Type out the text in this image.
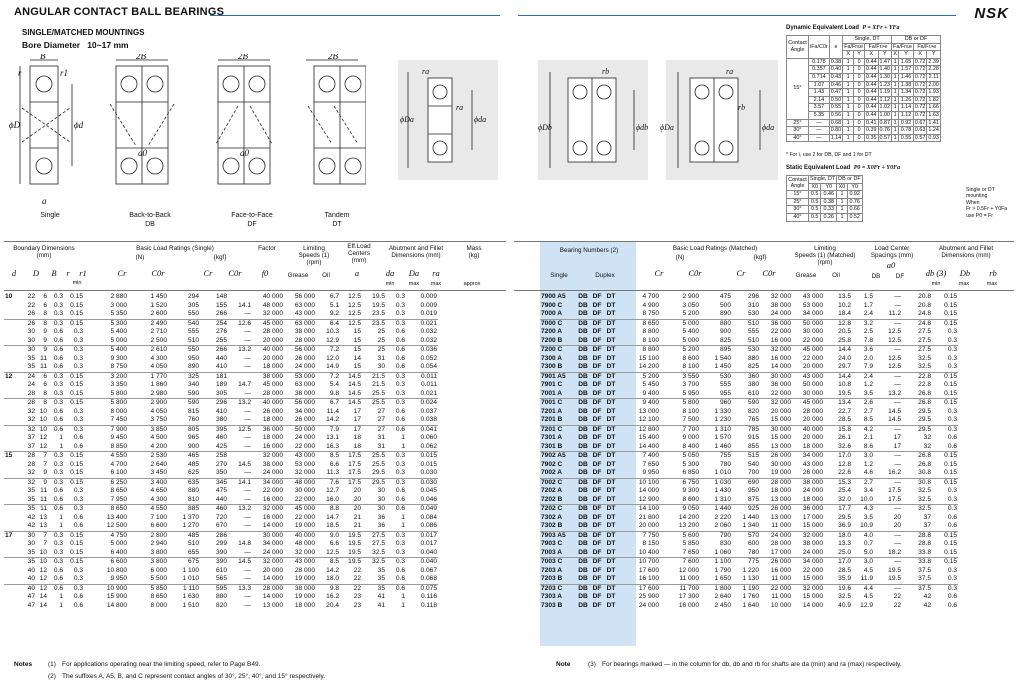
ANGULAR CONTACT BALL BEARINGS
SINGLE/MATCHED MOUNTINGS
Bore Diameter 10~17 mm
B	2B	2B	2B
ϕD	ϕd
r	r1
a
a0	a0
Single	Back-to-Back
DB
Face-to-Face
DF
Tandem
DT
ϕDa	ϕda
ra
ra
Boundary Dimensions
(mm)
Basic Load Ratings (Single)
(N)	{kgf}
Factor	Limiting
Speeds (1)
(rpm)
Eff.Load
Centers
(mm)
Abutment and Fillet
Dimensions (mm)
Mass
(kg)
d	D	B	r	r1
min
Cr	C0r	Cr	C0r	f0	Grease	Oil	a	da	Da	ra
min	max	max	approx
10	22	6	0.3	0.15	2 880	1 450	294	148		40 000	56 000	6.7	12.5	19.5	0.3	0.009
	22	6	0.3	0.15	3 000	1 520	305	155	14.1	48 000	63 000	5.1	12.5	19.5	0.3	0.009
	26	8	0.3	0.15	5 350	2 600	550	266	—	32 000	43 000	9.2	12.5	23.5	0.3	0.019
	26	8	0.3	0.15	5 300	2 490	540	254	12.6	45 000	63 000	6.4	12.5	23.5	0.3	0.021
	30	9	0.6	0.3	5 400	2 710	555	276	—	28 000	38 000	10.3	15	25	0.6	0.032
	30	9	0.6	0.3	5 000	2 500	510	255	—	20 000	28 000	12.9	15	25	0.6	0.032
	30	9	0.6	0.3	5 400	2 610	550	266	13.2	40 000	56 000	7.2	15	25	0.6	0.036
	35	11	0.6	0.3	9 300	4 300	950	440	—	20 000	26 000	12.0	14	31	0.6	0.052
	35	11	0.6	0.3	8 750	4 050	890	410	—	18 000	24 000	14.9	15	30	0.6	0.054
12	24	6	0.3	0.15	3 200	1 770	325	181		38 000	53 000	7.2	14.5	21.5	0.3	0.011
	24	6	0.3	0.15	3 350	1 860	340	189	14.7	45 000	63 000	5.4	14.5	21.5	0.3	0.011
	28	8	0.3	0.15	5 800	2 980	590	305	—	28 000	38 000	9.8	14.5	25.5	0.3	0.021
	28	8	0.3	0.15	5 800	2 900	590	296	13.2	40 000	56 000	6.7	14.5	25.5	0.3	0.024
	32	10	0.6	0.3	8 000	4 050	815	410	—	26 000	34 000	11.4	17	27	0.6	0.037
	32	10	0.6	0.3	7 450	3 750	760	380	—	18 000	26 000	14.2	17	27	0.6	0.038
	32	10	0.6	0.3	7 900	3 850	805	395	12.5	36 000	50 000	7.9	17	27	0.6	0.041
	37	12	1	0.6	9 450	4 500	965	460	—	18 000	24 000	13.1	18	31	1	0.060
	37	12	1	0.6	8 850	4 200	900	425	—	16 000	22 000	16.3	18	31	1	0.062
15	28	7	0.3	0.15	4 550	2 530	465	258		32 000	43 000	8.5	17.5	25.5	0.3	0.015
	28	7	0.3	0.15	4 700	2 640	485	270	14.5	38 000	53 000	6.6	17.5	25.5	0.3	0.015
	32	9	0.3	0.15	6 100	3 450	625	350	—	24 000	32 000	11.3	17.5	29.5	0.3	0.030
	32	9	0.3	0.15	6 250	3 400	635	345	14.1	34 000	48 000	7.6	17.5	29.5	0.3	0.030
	35	11	0.6	0.3	8 650	4 650	880	475	—	22 000	30 000	12.7	20	30	0.6	0.045
	35	11	0.6	0.3	7 950	4 300	810	440	—	16 000	22 000	16.0	20	30	0.6	0.046
	35	11	0.6	0.3	8 650	4 550	885	460	13.2	32 000	45 000	8.8	20	30	0.6	0.049
	42	13	1	0.6	13 400	7 100	1 370	720	—	16 000	22 000	14.7	21	36	1	0.084
	42	13	1	0.6	12 500	6 600	1 270	670	—	14 000	19 000	18.5	21	36	1	0.086
17	30	7	0.3	0.15	4 750	2 800	485	286		30 000	40 000	9.0	19.5	27.5	0.3	0.017
	30	7	0.3	0.15	5 000	2 940	510	299	14.8	34 000	48 000	6.6	19.5	27.5	0.3	0.017
	35	10	0.3	0.15	6 400	3 800	655	390	—	24 000	32 000	12.5	19.5	32.5	0.3	0.040
	35	10	0.3	0.15	6 600	3 800	675	390	14.5	32 000	43 000	8.5	19.5	32.5	0.3	0.040
	40	12	0.6	0.3	10 800	6 000	1 100	610	—	20 000	28 000	14.2	22	35	0.6	0.067
	40	12	0.6	0.3	9 950	5 500	1 010	565	—	14 000	19 000	18.0	22	35	0.6	0.068
	40	12	0.6	0.3	10 900	5 850	1 110	595	13.3	28 000	38 000	9.8	22	35	0.6	0.075
	47	14	1	0.6	15 900	8 650	1 630	880	—	14 000	19 000	16.2	23	41	1	0.116
	47	14	1	0.6	14 800	8 000	1 510	820	—	13 000	18 000	20.4	23	41	1	0.118
Notes (1) For applications operating near the limiting speed, refer to Page B49.
(2) The suffixes A, A5, B, and C represent contact angles of 30°, 25°, 40°, and 15° respectively.
NSK
ϕDb	ϕdb
rb
ϕDa	ϕda
ra
rb
Dynamic Equivalent Load P = XFr + YFa
Contact Angle	iFa/C0r	e	Single, DT				DB or DF			
			Fa/Fr≤e		Fa/Fr>e		Fa/Fr≤e		Fa/Fr>e	
			X	Y	X	Y	X	Y	X	Y
15°	0.178	0.38	1	0	0.44	1.47	1	1.65	0.72	2.39
	0.357	0.40	1	0	0.44	1.40	1	1.57	0.72	2.28
	0.714	0.43	1	0	0.44	1.30	1	1.46	0.72	2.11
	1.07	0.46	1	0	0.44	1.23	1	1.38	0.72	2.00
	1.43	0.47	1	0	0.44	1.19	1	1.34	0.72	1.93
	2.14	0.50	1	0	0.44	1.12	1	1.26	0.72	1.82
	3.57	0.55	1	0	0.44	1.02	1	1.14	0.72	1.66
	5.35	0.56	1	0	0.44	1.00	1	1.12	0.72	1.63
25°	—	0.68	1	0	0.41	0.87	1	0.92	0.67	1.41
30°	—	0.80	1	0	0.39	0.76	1	0.78	0.63	1.24
40°	—	1.14	1	0	0.35	0.57	1	0.55	0.57	0.93
* For i, use 2 for DB, DF and 1 for DT
Static Equivalent Load P0 = X0Fr + Y0Fa
Contact Angle	Single, DT		DB or DF	
	X0	Y0	X0	Y0
15°	0.5	0.46	1	0.92
25°	0.5	0.38	1	0.76
30°	0.5	0.33	1	0.66
40°	0.5	0.26	1	0.52
Single or DT
mounting
When
Fr > 0.5Fr + Y0Fa
use P0 = Fr
Bearing Numbers (2)
Single	Duplex
Basic Load Ratings (Matched)
(N)	{kgf}
Limiting
Speeds (1) (Matched)
(rpm)
Load Center
Spacings (mm)
a0
DB	DF
Abutment and Fillet
Dimensions (mm)
Cr	C0r	Cr	C0r	Grease	Oil	db (3)	Db	rb
min	max	max
7900 A5	DB	DF	DT	4 700	2 900	475	296	32 000	43 000	13.5	1.5	—	20.8	0.15
7900 C	DB	DF	DT	4 900	3 050	500	310	38 000	53 000	10.2	1.7	—	20.8	0.15
7000 A	DB	DF	DT	8 750	5 200	890	530	24 000	34 000	18.4	2.4	11.2	24.8	0.15
7000 C	DB	DF	DT	8 650	5 000	880	510	36 000	50 000	12.8	3.2	—	24.8	0.15
7200 A	DB	DF	DT	8 800	5 400	900	555	22 000	30 000	20.5	2.5	12.5	27.5	0.3
7200 B	DB	DF	DT	8 100	5 000	825	510	16 000	22 000	25.8	7.8	12.5	27.5	0.3
7200 C	DB	DF	DT	8 800	5 200	895	530	32 000	45 000	14.4	3.6	—	27.5	0.3
7300 A	DB	DF	DT	15 100	8 600	1 540	880	16 000	22 000	24.0	2.0	12.5	32.5	0.3
7300 B	DB	DF	DT	14 200	8 100	1 450	825	14 000	20 000	29.7	7.9	12.5	32.5	0.3
7901 A5	DB	DF	DT	5 200	3 550	530	360	30 000	43 000	14.4	2.4	—	22.8	0.15
7901 C	DB	DF	DT	5 450	3 700	555	380	36 000	50 000	10.8	1.2	—	22.8	0.15
7001 A	DB	DF	DT	9 400	5 950	955	610	22 000	30 000	19.5	3.5	13.2	26.8	0.15
7001 C	DB	DF	DT	9 400	5 800	960	590	32 000	45 000	13.4	2.6	—	26.8	0.15
7201 A	DB	DF	DT	13 000	8 100	1 330	820	20 000	28 000	22.7	2.7	14.5	29.5	0.3
7201 B	DB	DF	DT	12 100	7 500	1 230	765	15 000	20 000	28.5	8.5	14.5	29.5	0.3
7201 C	DB	DF	DT	12 800	7 700	1 310	785	30 000	40 000	15.8	4.2	—	29.5	0.3
7301 A	DB	DF	DT	15 400	9 000	1 570	915	15 000	20 000	26.1	2.1	17	32	0.6
7301 B	DB	DF	DT	14 400	8 400	1 460	855	13 000	18 000	32.6	8.6	17	32	0.6
7902 A5	DB	DF	DT	7 400	5 050	755	515	26 000	34 000	17.0	3.0	—	26.8	0.15
7902 C	DB	DF	DT	7 650	5 300	780	540	30 000	43 000	12.8	1.2	—	26.8	0.15
7002 A	DB	DF	DT	9 950	6 850	1 010	700	19 000	26 000	22.6	4.6	16.2	30.8	0.15
7002 C	DB	DF	DT	10 100	6 750	1 030	690	28 000	38 000	15.3	2.7	—	30.8	0.15
7202 A	DB	DF	DT	14 000	9 300	1 430	950	18 000	24 000	25.4	3.4	17.5	32.5	0.3
7202 B	DB	DF	DT	12 900	8 600	1 310	875	13 000	18 000	32.0	10.0	17.5	32.5	0.3
7202 C	DB	DF	DT	14 100	9 050	1 440	925	26 000	36 000	17.7	4.3	—	32.5	0.3
7302 A	DB	DF	DT	21 800	14 200	2 220	1 440	13 000	17 000	29.5	3.5	20	37	0.6
7302 B	DB	DF	DT	20 000	13 200	2 060	1 340	11 000	15 000	36.9	10.9	20	37	0.6
7903 A5	DB	DF	DT	7 750	5 600	790	570	24 000	32 000	18.0	4.0	—	28.8	0.15
7903 C	DB	DF	DT	8 150	5 850	830	600	28 000	38 000	13.3	0.7	—	28.8	0.15
7003 A	DB	DF	DT	10 400	7 650	1 060	780	17 000	24 000	25.0	5.0	18.2	33.8	0.15
7003 C	DB	DF	DT	10 700	7 600	1 100	775	26 000	34 000	17.0	3.0	—	33.8	0.15
7203 A	DB	DF	DT	17 600	12 000	1 790	1 220	16 000	22 000	28.5	4.5	19.5	37.5	0.3
7203 B	DB	DF	DT	16 100	11 000	1 650	1 130	11 000	15 000	35.9	11.9	19.5	37.5	0.3
7203 C	DB	DF	DT	17 600	11 700	1 800	1 190	22 000	32 000	19.6	4.4	—	37.5	0.3
7303 A	DB	DF	DT	25 900	17 300	2 640	1 760	11 000	15 000	32.5	4.5	22	42	0.6
7303 B	DB	DF	DT	24 000	16 000	2 450	1 640	10 000	14 000	40.9	12.9	22	42	0.6
Note	(3) For bearings marked — in the column for db, db and rb for shafts are da (min) and ra (max) respectively.
